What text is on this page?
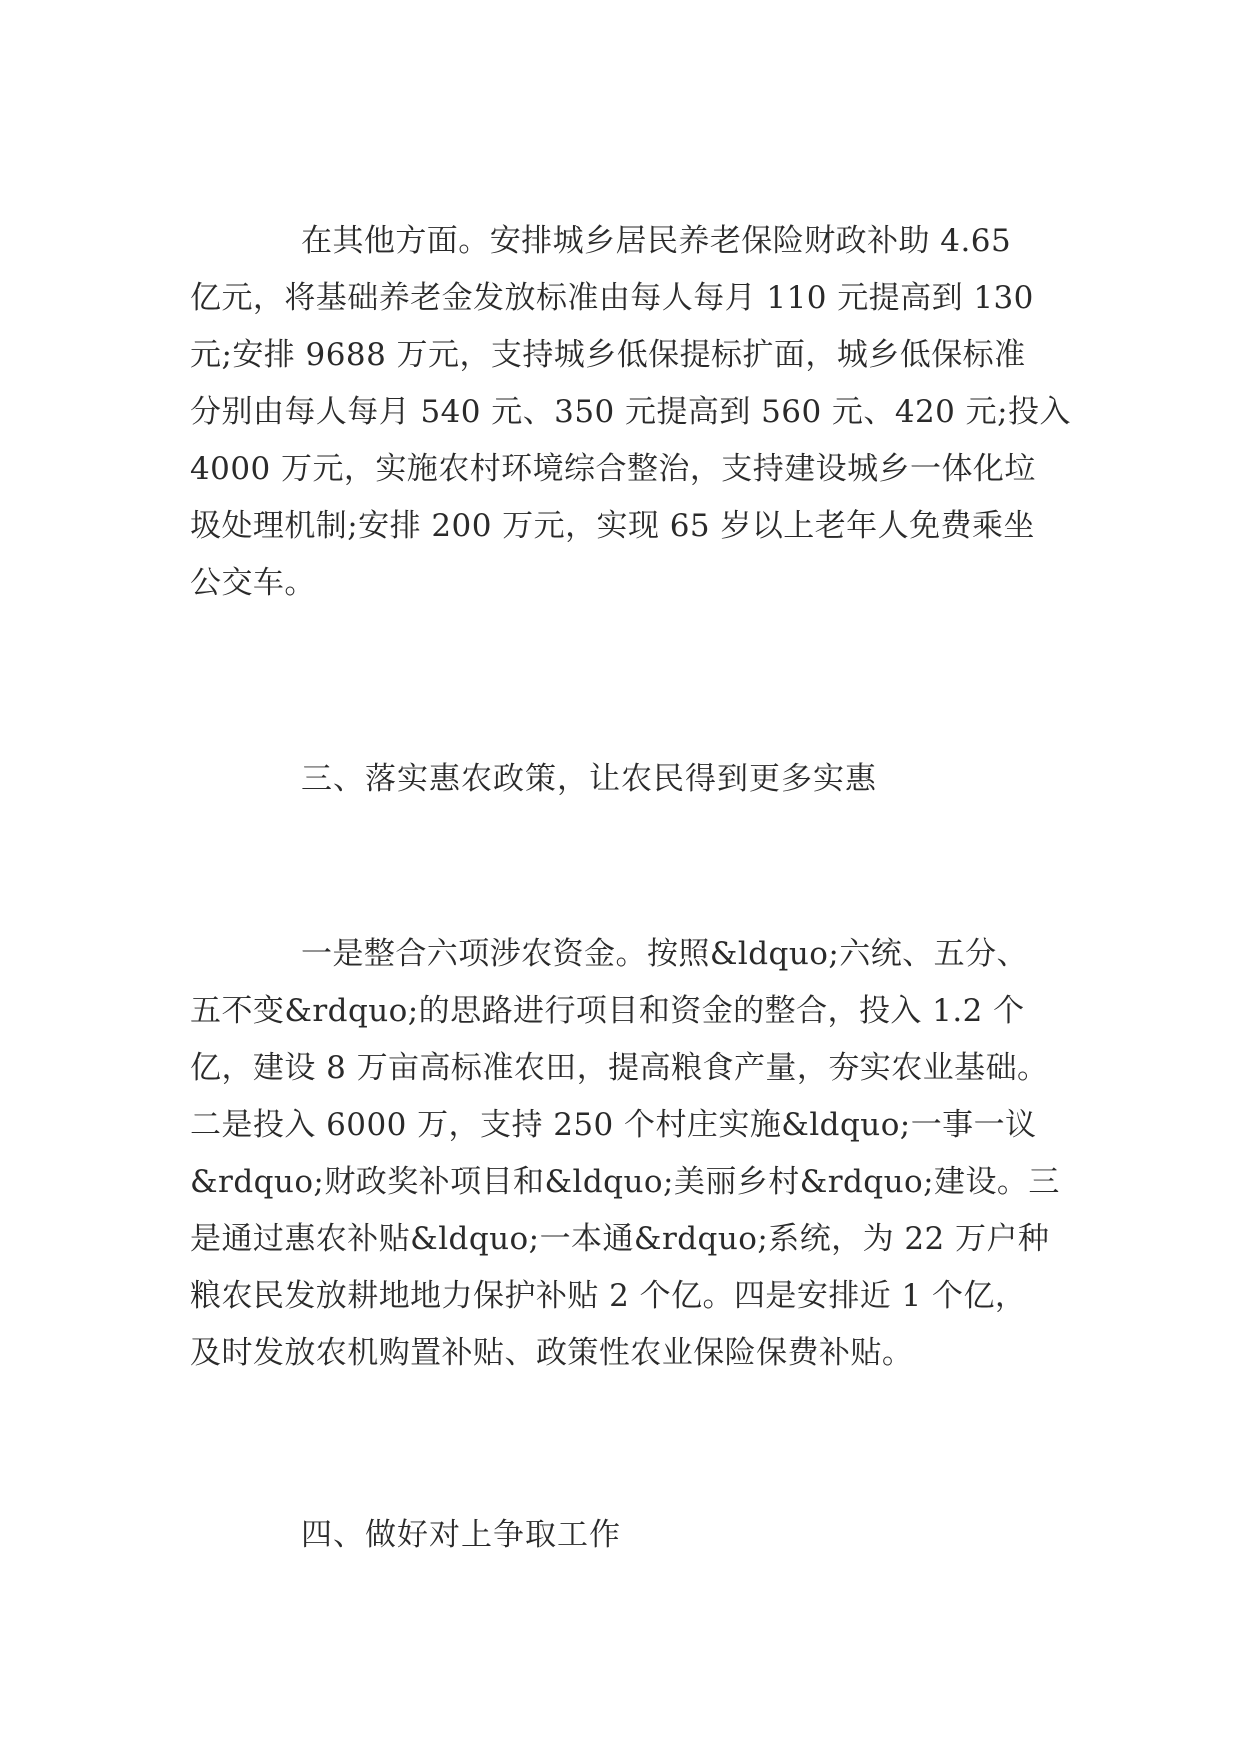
在其他方面。安排城乡居民养老保险财政补助 4.65

亿元，将基础养老金发放标准由每人每月 110 元提高到 130

元;安排 9688 万元，支持城乡低保提标扩面，城乡低保标准

分别由每人每月 540 元、350 元提高到 560 元、420 元;投入

4000 万元，实施农村环境综合整治，支持建设城乡一体化垃

圾处理机制;安排 200 万元，实现 65 岁以上老年人免费乘坐

公交车。

三、落实惠农政策，让农民得到更多实惠

一是整合六项涉农资金。按照&ldquo;六统、五分、

五不变&rdquo;的思路进行项目和资金的整合，投入 1.2 个

亿，建设 8 万亩高标准农田，提高粮食产量，夯实农业基础。

二是投入 6000 万，支持 250 个村庄实施&ldquo;一事一议

&rdquo;财政奖补项目和&ldquo;美丽乡村&rdquo;建设。三

是通过惠农补贴&ldquo;一本通&rdquo;系统，为 22 万户种

粮农民发放耕地地力保护补贴 2 个亿。四是安排近 1 个亿，

及时发放农机购置补贴、政策性农业保险保费补贴。

四、做好对上争取工作
